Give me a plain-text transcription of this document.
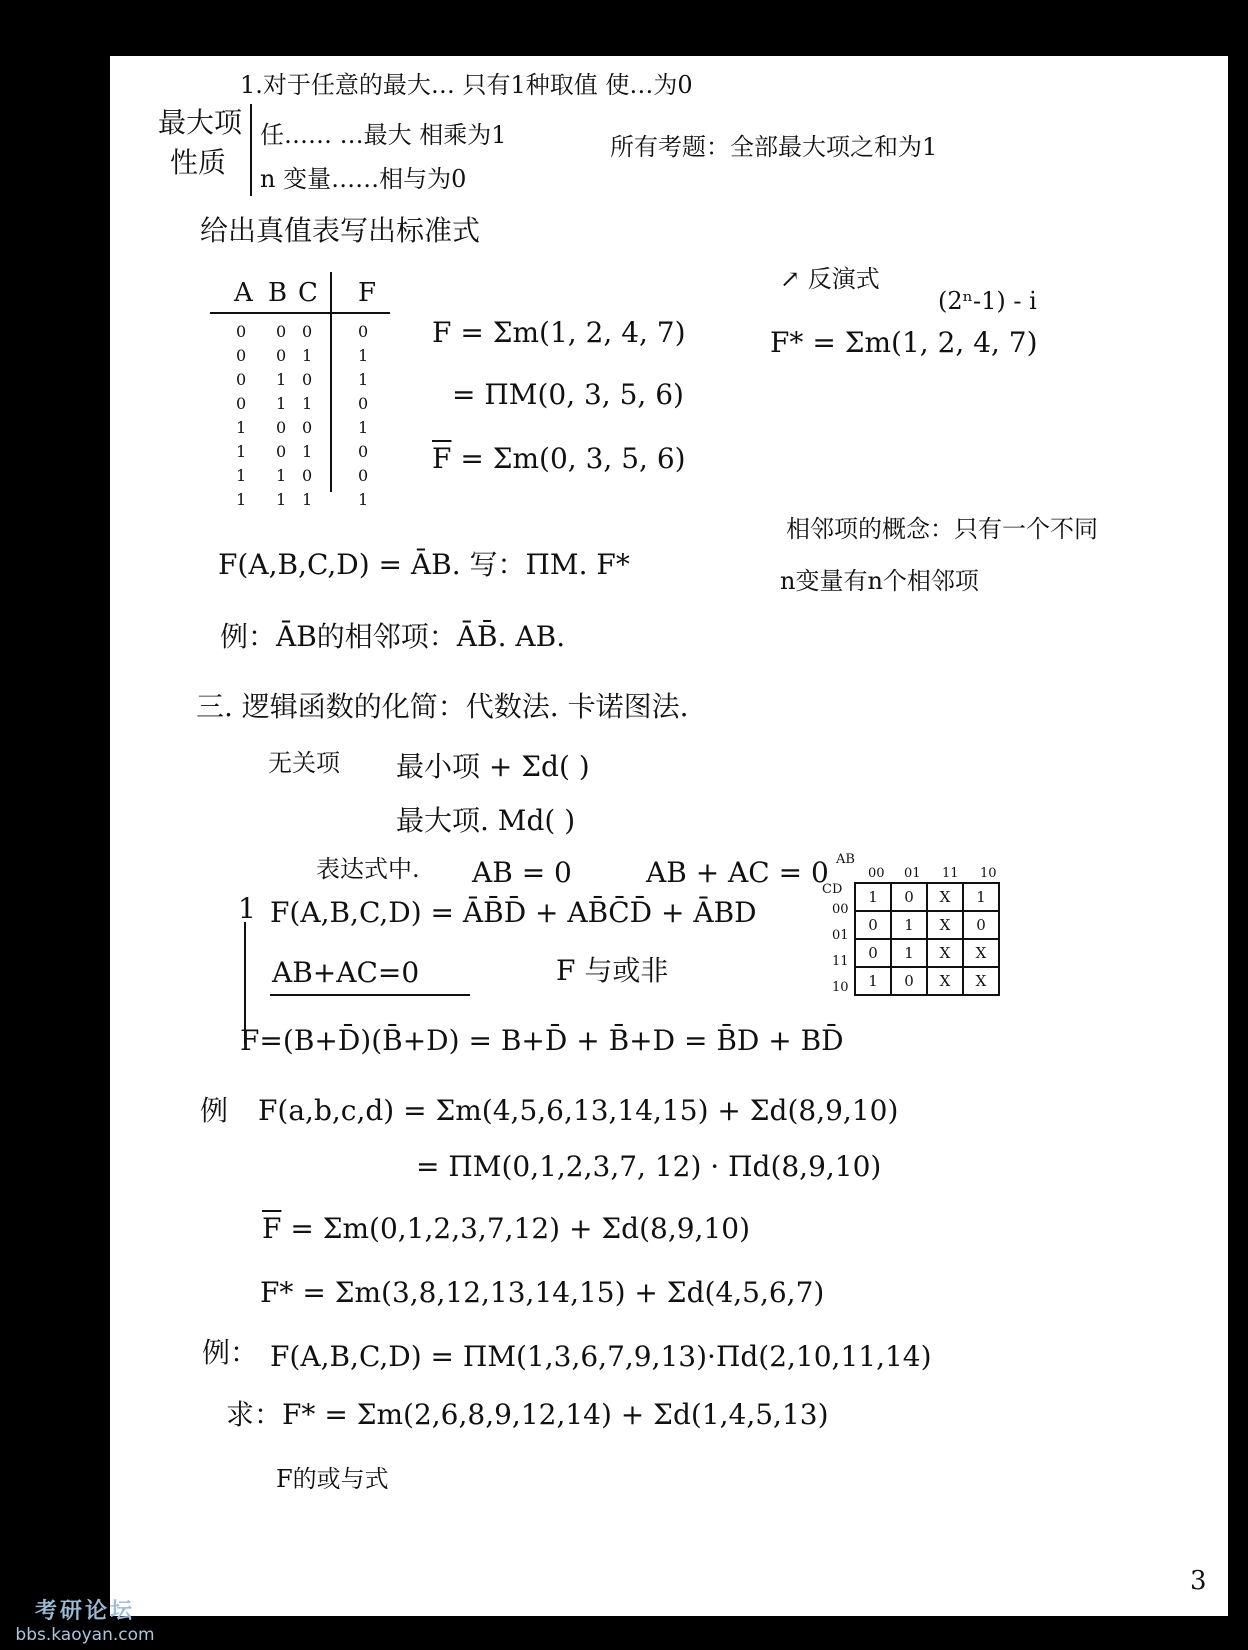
最大项
性质
1.对于任意的最大… 只有1种取值 使…为0
任…… …最大 相乘为1
n 变量……相与为0
所有考题：全部最大项之和为1
给出真值表写出标准式
A B C F
0 0 0	0
0 0 1	1
0 1 0	1
0 1 1	0
1 0 0	1
1 0 1	0
1 1 0	0
1 1 1	1
F = Σm(1, 2, 4, 7)
= ΠM(0, 3, 5, 6)
$\overline{F} = \Sigma m(0$, 3, 5, 6)
↗ 反演式
(2ⁿ-1) - i
F* = Σm(1, 2, 4, 7)
相邻项的概念：只有一个不同
n变量有n个相邻项
F(A,B,C,D) = ĀB. 写：ΠM. F*
例：ĀB的相邻项：ĀB̄. AB.
三. 逻辑函数的化简：代数法. 卡诺图法.
无关项 最小项 + Σd( )
最大项. Md( )
表达式中. AB = 0	AB + AC = 0 AB
CD
00 01 11 10
00
01
11
10
1	0	X	1
0	1	X	0
0	1	X	X
1	0	X	X
1 F(A,B,C,D) = ĀB̄D̄ + AB̄C̄D̄ + ĀBD
AB+AC=0	F 与或非
F=(B+D̄)(B̄+D) = B+D̄ + B̄+D = B̄D + BD̄
例 F(a,b,c,d) = Σm(4,5,6,13,14,15) + Σd(8,9,10)
= ΠM(0,1,2,3,7, 12) · Πd(8,9,10)
$\overline{F} = \Sigma m(0,1,2,3,7,12) + \Sigma d(8,9,10)$
F* = Σm(3,8,12,13,14,15) + Σd(4,5,6,7)
例： F(A,B,C,D) = ΠM(1,3,6,7,9,13)·Πd(2,10,11,14)
求： F* = Σm(2,6,8,9,12,14) + Σd(1,4,5,13)
F的或与式
3
考研论坛
bbs.kaoyan.com
